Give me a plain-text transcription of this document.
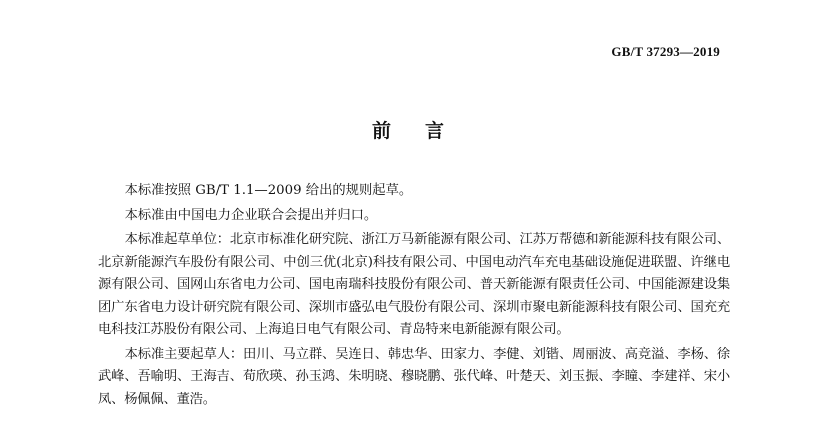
GB/T 37293—2019
前言

本标准按照 GB/T 1.1—2009 给出的规则起草。

本标准由中国电力企业联合会提出并归口。

本标准起草单位：北京市标准化研究院、浙江万马新能源有限公司、江苏万帮德和新能源科技有限公司、北京新能源汽车股份有限公司、中创三优(北京)科技有限公司、中国电动汽车充电基础设施促进联盟、许继电源有限公司、国网山东省电力公司、国电南瑞科技股份有限公司、普天新能源有限责任公司、中国能源建设集团广东省电力设计研究院有限公司、深圳市盛弘电气股份有限公司、深圳市聚电新能源科技有限公司、国充充电科技江苏股份有限公司、上海追日电气有限公司、青岛特来电新能源有限公司。

本标准主要起草人：田川、马立群、吴连日、韩忠华、田家力、李健、刘锴、周丽波、高竞溢、李杨、徐武峰、吾喻明、王海吉、荀欣瑛、孙玉鸿、朱明晓、穆晓鹏、张代峰、叶楚天、刘玉振、李瞳、李建祥、宋小凤、杨佩佩、董浩。
